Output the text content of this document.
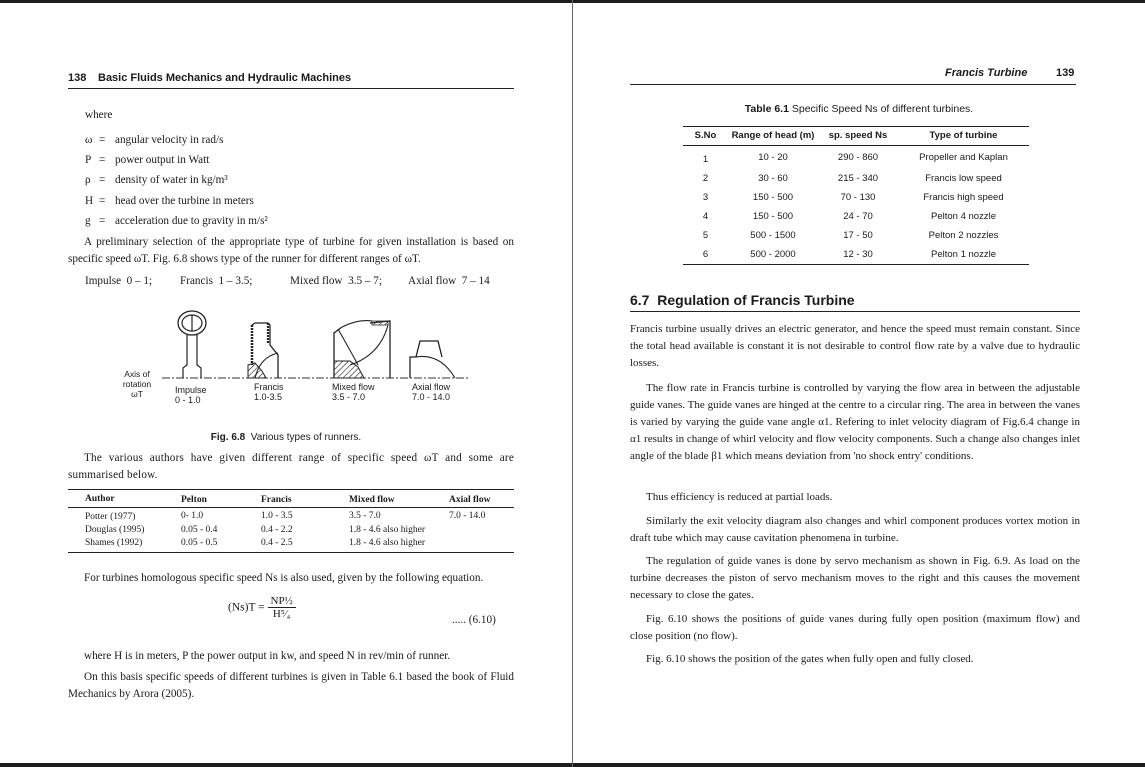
138 Basic Fluids Mechanics and Hydraulic Machines
where
ω = angular velocity in rad/s
P = power output in Watt
ρ = density of water in kg/m³
H = head over the turbine in meters
g = acceleration due to gravity in m/s²
A preliminary selection of the appropriate type of turbine for given installation is based on specific speed ωT. Fig. 6.8 shows type of the runner for different ranges of ωT.
Impulse 0 – 1;	Francis 1 – 3.5;	Mixed flow 3.5 – 7;	Axial flow 7 – 14
Axis of
rotation
ωT	Impulse
0 - 1.0
Francis
1.0-3.5
Mixed flow
3.5 - 7.0
Axial flow
7.0 - 14.0
Fig. 6.8 Various types of runners.
The various authors have given different range of specific speed ωT and some are summarised below.
Author	Pelton	Francis	Mixed flow	Axial flow
Potter (1977)	0- 1.0	1.0 - 3.5	3.5 - 7.0	7.0 - 14.0
Douglas (1995)	0.05 - 0.4	0.4 - 2.2	1.8 - 4.6 also higher	
Shames (1992)	0.05 - 0.5	0.4 - 2.5	1.8 - 4.6 also higher	
For turbines homologous specific speed Ns is also used, given by the following equation.
$(Ns)T = \frac{\text{NP½}}{\text{H⁵⁄₄}}$	..... (6.10)
where H is in meters, P the power output in kw, and speed N in rev/min of runner.
On this basis specific speeds of different turbines is given in Table 6.1 based the book of Fluid Mechanics by Arora (2005).
Francis Turbine	139
Table 6.1 Specific Speed Ns of different turbines.
S.No	Range of head (m)	sp. speed Ns	Type of turbine
1	10 - 20	290 - 860	Propeller and Kaplan
2	30 - 60	215 - 340	Francis low speed
3	150 - 500	70 - 130	Francis high speed
4	150 - 500	24 - 70	Pelton 4 nozzle
5	500 - 1500	17 - 50	Pelton 2 nozzles
6	500 - 2000	12 - 30	Pelton 1 nozzle
6.7 Regulation of Francis Turbine
Francis turbine usually drives an electric generator, and hence the speed must remain constant. Since the total head available is constant it is not desirable to control flow rate by a valve due to hydraulic losses.
The flow rate in Francis turbine is controlled by varying the flow area in between the adjustable guide vanes. The guide vanes are hinged at the centre to a circular ring. The area in between the vanes is varied by varying the guide vane angle α1. Refering to inlet velocity diagram of Fig.6.4 change in α1 results in change of whirl velocity and flow velocity components. Such a change also changes inlet angle of the blade β1 which means deviation from 'no shock entry' conditions.
Thus efficiency is reduced at partial loads.
Similarly the exit velocity diagram also changes and whirl component produces vortex motion in draft tube which may cause cavitation phenomena in turbine.
The regulation of guide vanes is done by servo mechanism as shown in Fig. 6.9. As load on the turbine decreases the piston of servo mechanism moves to the right and this causes the movement necessary to close the gates.
Fig. 6.10 shows the positions of guide vanes during fully open position (maximum flow) and close position (no flow).
Fig. 6.10 shows the position of the gates when fully open and fully closed.
